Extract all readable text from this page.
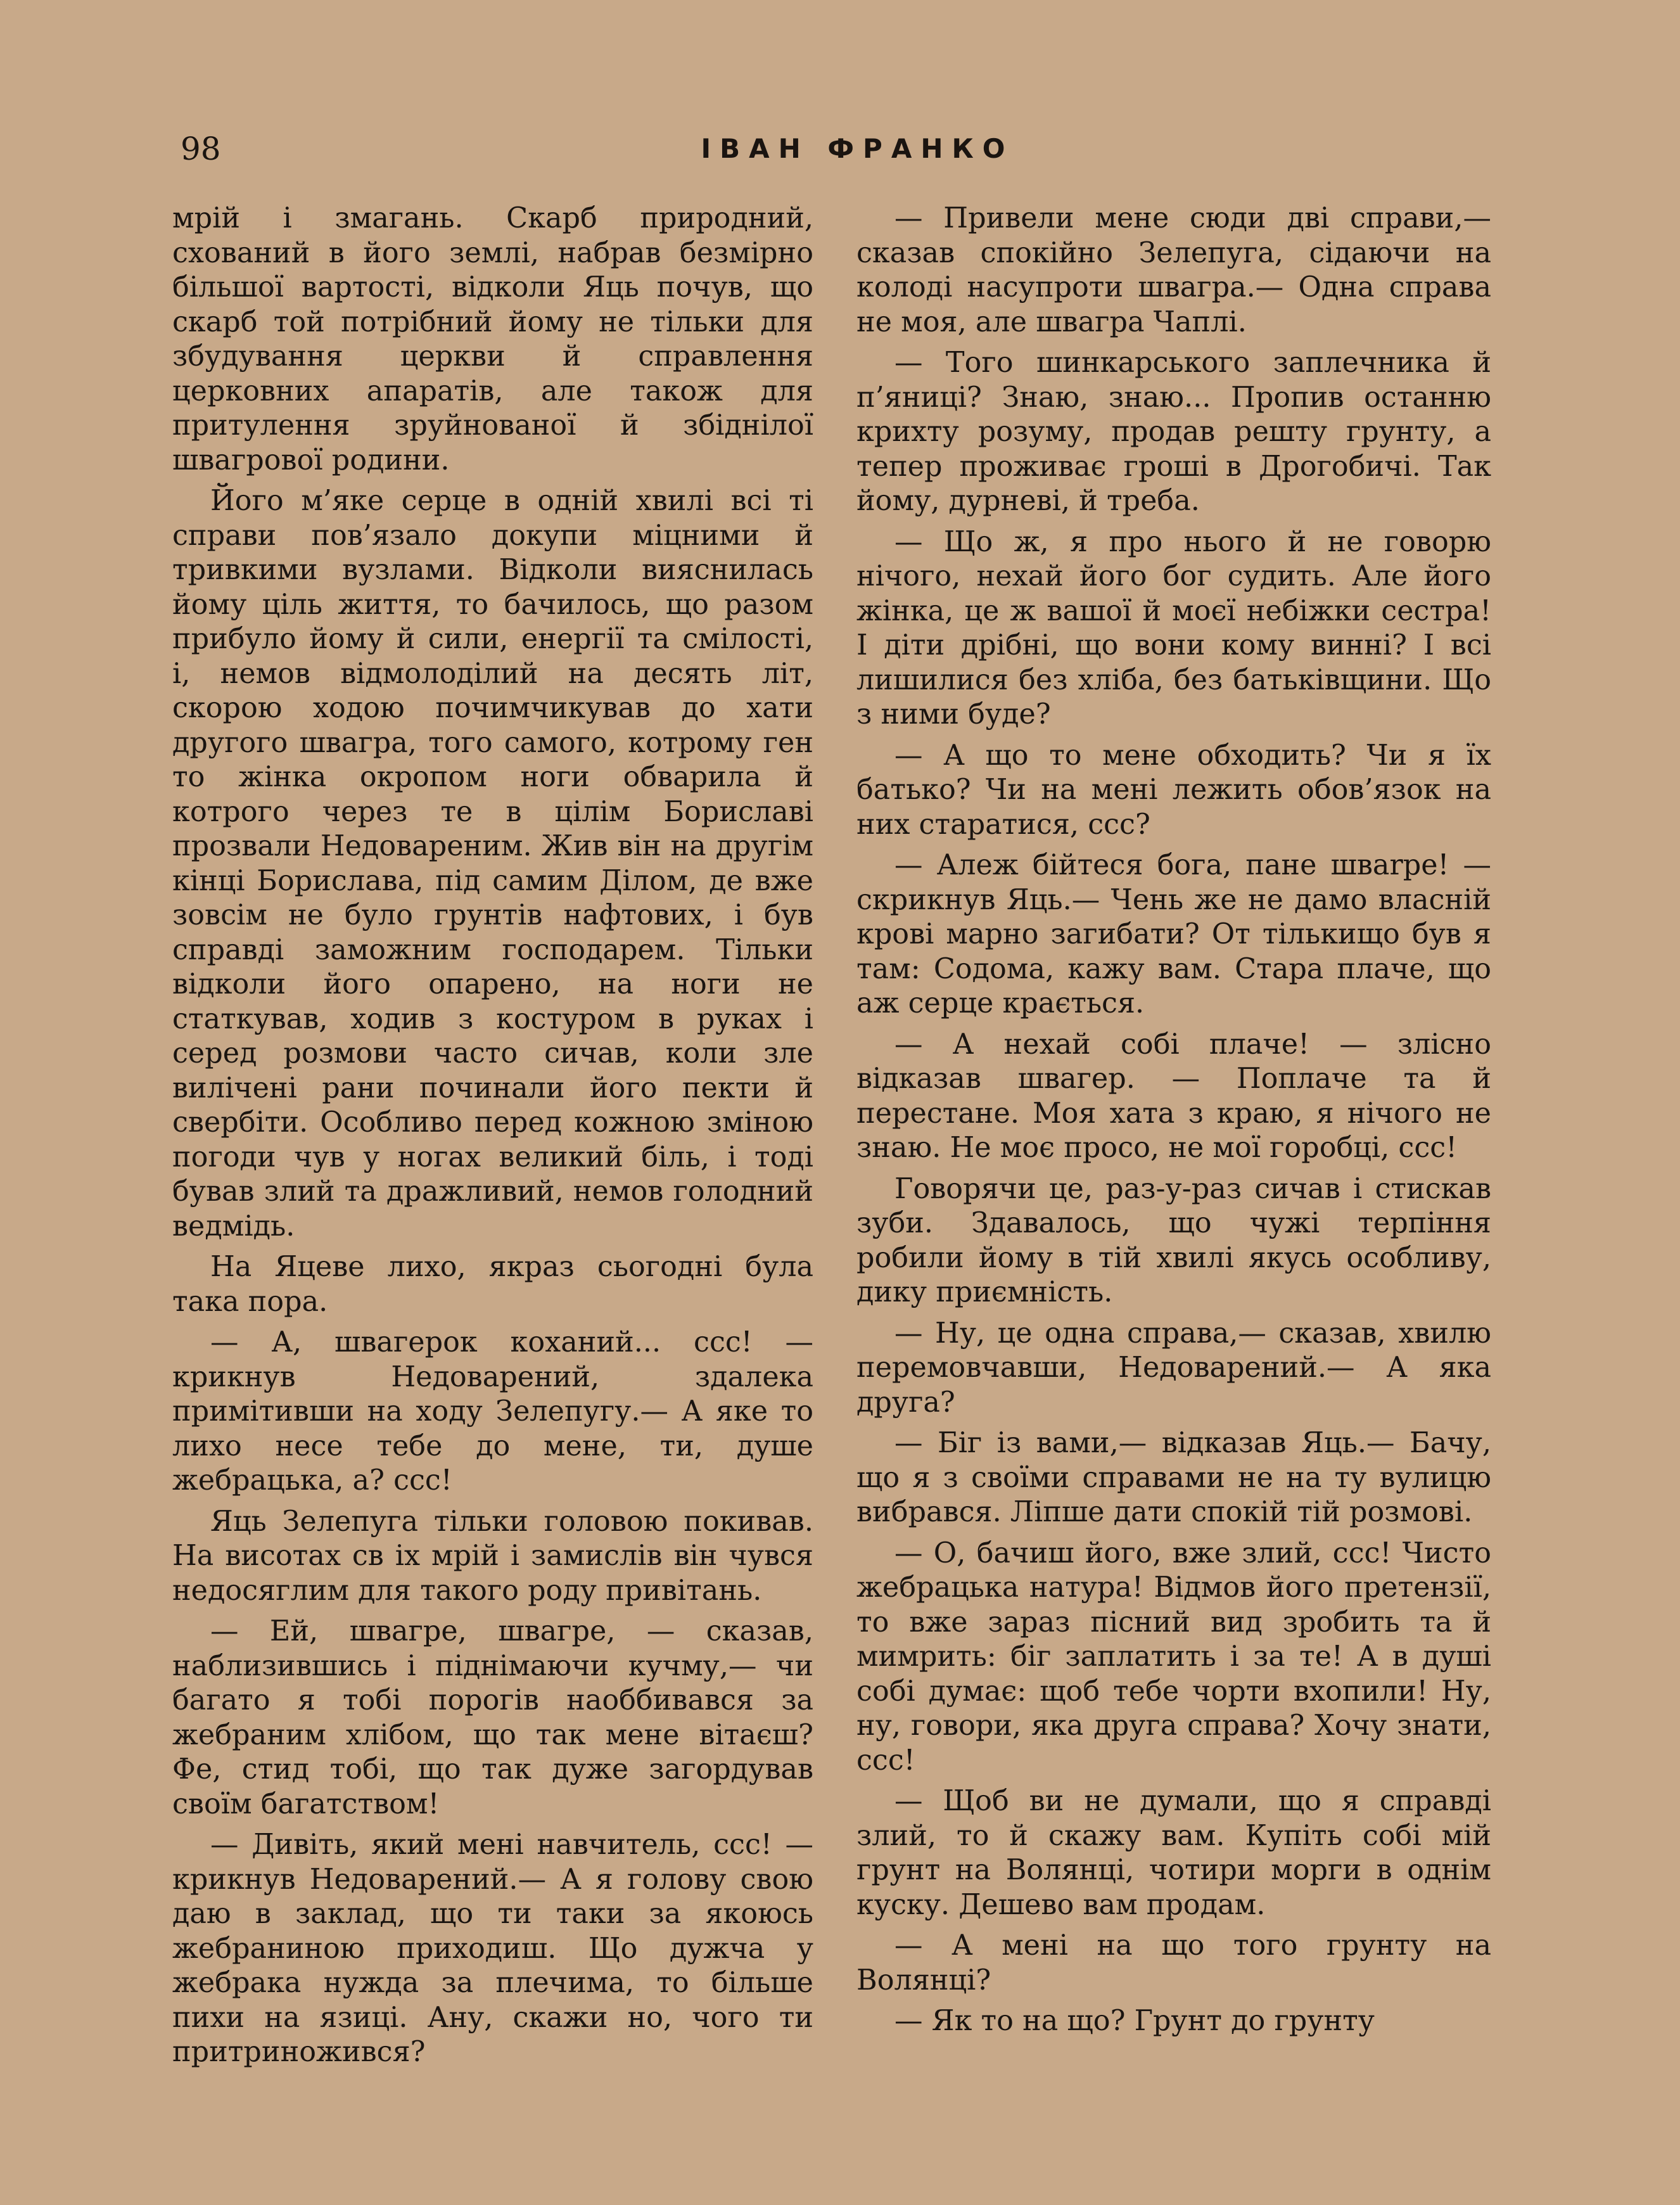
98	ІВАН ФРАНКО

мрій і змагань. Скарб природний, схований в його землі, набрав безмірно більшої вартості, відколи Яць почув, що скарб той потрібний йому не тільки для збудування церкви й справлення церковних апаратів, але також для притулення зруйнованої й збіднілої швагрової родини.

Його м’яке серце в одній хвилі всі ті справи пов’язало докупи міцними й тривкими вузлами. Відколи вияснилась йому ціль життя, то бачилось, що разом прибуло йому й сили, енергії та смілості, і, немов відмолоділий на десять літ, скорою ходою почимчикував до хати другого швагра, того самого, котрому ген то жінка окропом ноги обварила й котрого через те в цілім Бориславі прозвали Недовареним. Жив він на другім кінці Борислава, під самим Ділом, де вже зовсім не було грунтів нафтових, і був справді заможним господарем. Тільки відколи його опарено, на ноги не статкував, ходив з костуром в руках і серед розмови часто сичав, коли зле вилічені рани починали його пекти й свербіти. Особливо перед кожною зміною погоди чув у ногах великий біль, і тоді бував злий та дражливий, немов голодний ведмідь.

На Яцеве лихо, якраз сьогодні була така пора.

— А, швагерок коханий... ссс! — крикнув Недоварений, здалека примітивши на ходу Зелепугу.— А яке то лихо несе тебе до мене, ти, душе жебрацька, а? ссс!

Яць Зелепуга тільки головою покивав. На висотах св іх мрій і замислів він чувся недосяглим для такого роду привітань.

— Ей, швагре, швагре, — сказав, наблизившись і піднімаючи кучму,— чи багато я тобі порогів наоббивався за жебраним хлібом, що так мене вітаєш? Фе, стид тобі, що так дуже загордував своїм багатством!

— Дивіть, який мені навчитель, ссс! — крикнув Недоварений.— А я голову свою даю в заклад, що ти таки за якоюсь жебраниною приходиш. Що дужча у жебрака нужда за плечима, то більше пихи на язиці. Ану, скажи но, чого ти притриножився?

— Привели мене сюди дві справи,— сказав спокійно Зелепуга, сідаючи на колоді насупроти швагра.— Одна справа не моя, але швагра Чаплі.

— Того шинкарського заплечника й п’яниці? Знаю, знаю... Пропив останню крихту розуму, продав решту грунту, а тепер проживає гроші в Дрогобичі. Так йому, дурневі, й треба.

— Що ж, я про нього й не говорю нічого, нехай його бог судить. Але його жінка, це ж вашої й моєї небіжки сестра! І діти дрібні, що вони кому винні? І всі лишилися без хліба, без батьківщини. Що з ними буде?

— А що то мене обходить? Чи я їх батько? Чи на мені лежить обов’язок на них старатися, ссс?

— Алеж бійтеся бога, пане шваrре! — скрикнув Яць.— Чень же не дамо власній крові марно загибати? От тількищо був я там: Содома, кажу вам. Стара плаче, що аж серце крається.

— А нехай собі плаче! — злісно відказав швагер. — Поплаче та й перестане. Моя хата з краю, я нічого не знаю. Не моє просо, не мої горобці, ссс!

Говорячи це, раз-у-раз сичав і стискав зуби. Здавалось, що чужі терпіння робили йому в тій хвилі якусь особливу, дику приємність.

— Ну, це одна справа,— сказав, хвилю перемовчавши, Недоварений.— А яка друга?

— Біг із вами,— відказав Яць.— Бачу, що я з своїми справами не на ту вулицю вибрався. Лiпше дати спокій тій розмові.

— О, бачиш його, вже злий, ссс! Чисто жебрацька натура! Відмов його претензії, то вже зараз пісний вид зробить та й мимрить: біг заплатить і за те! А в душі собі думає: щоб тебе чорти вхопили! Ну, ну, говори, яка друга справа? Хочу знати, ссс!

— Щоб ви не думали, що я справді злий, то й скажу вам. Купіть собі мій грунт на Волянці, чотири морги в однім куску. Дешево вам продам.

— А мені на що того грунту на Волянці?

— Як то на що? Грунт до грунту
